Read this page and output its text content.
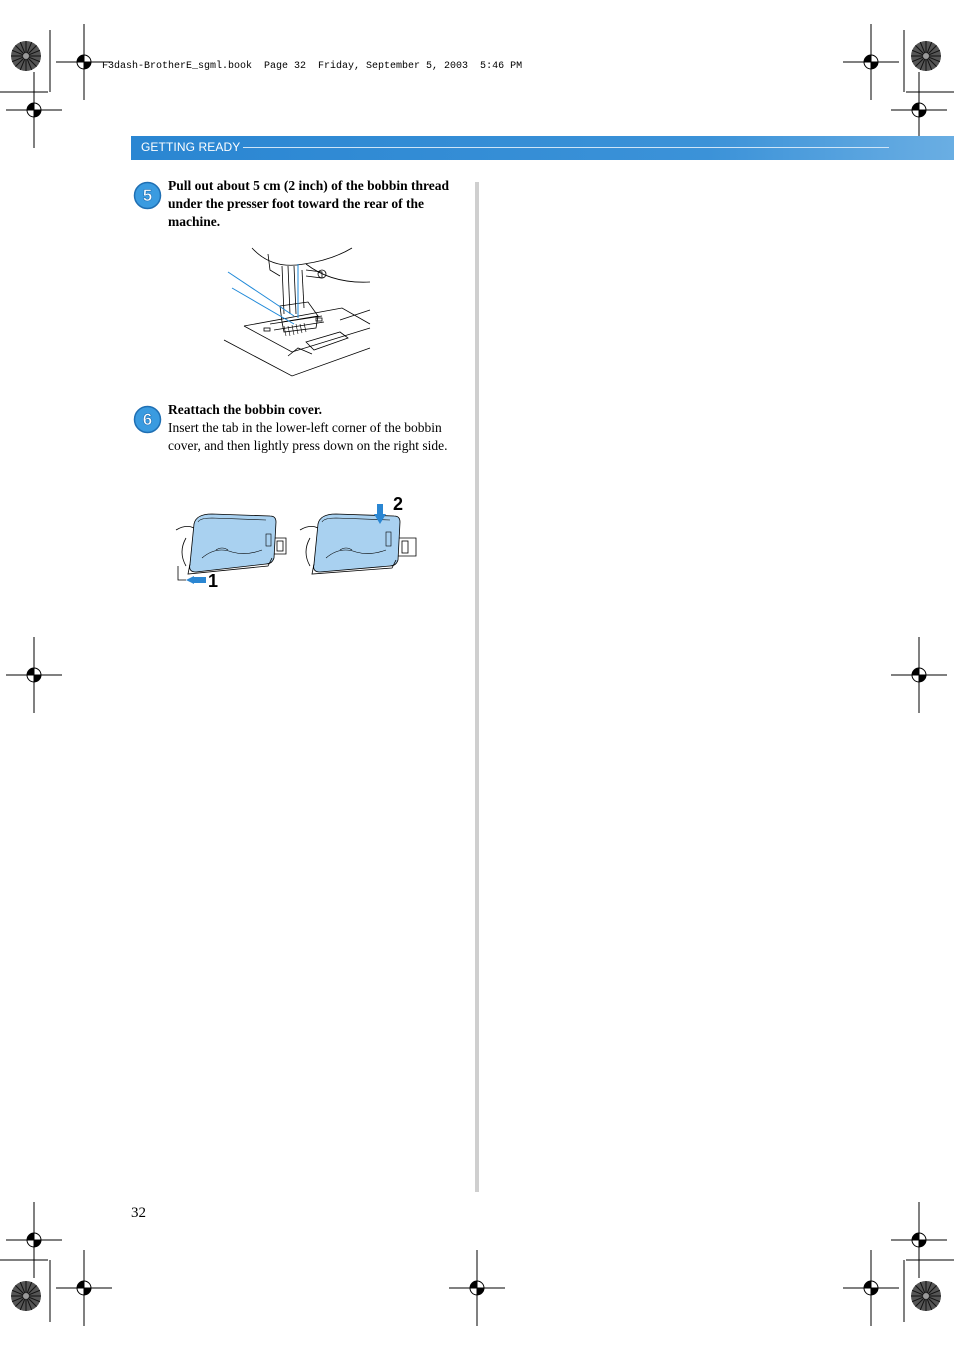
F3dash-BrotherE_sgml.book  Page 32  Friday, September 5, 2003  5:46 PM
GETTING READY
5
Pull out about 5 cm (2 inch) of the bobbin thread under the presser foot toward the rear of the machine.
6
Reattach the bobbin cover.
Insert the tab in the lower-left corner of the bobbin cover, and then lightly press down on the right side.
1
2
32
